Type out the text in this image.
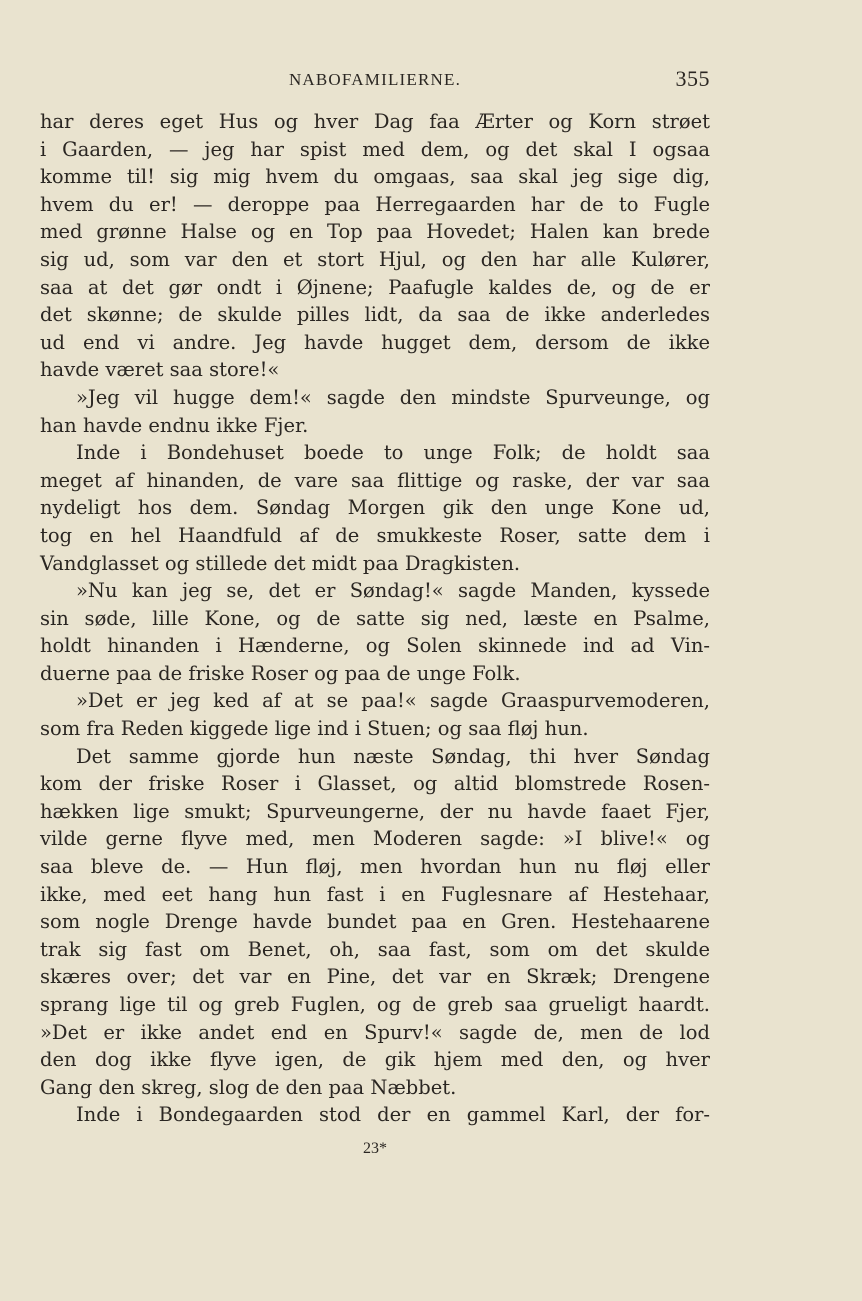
NABOFAMILIERNE.	355
har deres eget Hus og hver Dag faa Ærter og Korn strøet
i Gaarden, — jeg har spist med dem, og det skal I ogsaa
komme til! sig mig hvem du omgaas, saa skal jeg sige dig,
hvem du er! — deroppe paa Herregaarden har de to Fugle
med grønne Halse og en Top paa Hovedet; Halen kan brede
sig ud, som var den et stort Hjul, og den har alle Kulører,
saa at det gør ondt i Øjnene; Paafugle kaldes de, og de er
det skønne; de skulde pilles lidt, da saa de ikke anderledes
ud end vi andre. Jeg havde hugget dem, dersom de ikke
havde været saa store!«
»Jeg vil hugge dem!« sagde den mindste Spurveunge, og
han havde endnu ikke Fjer.
Inde i Bondehuset boede to unge Folk; de holdt saa
meget af hinanden, de vare saa flittige og raske, der var saa
nydeligt hos dem. Søndag Morgen gik den unge Kone ud,
tog en hel Haandfuld af de smukkeste Roser, satte dem i
Vandglasset og stillede det midt paa Dragkisten.
»Nu kan jeg se, det er Søndag!« sagde Manden, kyssede
sin søde, lille Kone, og de satte sig ned, læste en Psalme,
holdt hinanden i Hænderne, og Solen skinnede ind ad Vin-
duerne paa de friske Roser og paa de unge Folk.
»Det er jeg ked af at se paa!« sagde Graaspurvemoderen,
som fra Reden kiggede lige ind i Stuen; og saa fløj hun.
Det samme gjorde hun næste Søndag, thi hver Søndag
kom der friske Roser i Glasset, og altid blomstrede Rosen-
hækken lige smukt; Spurveungerne, der nu havde faaet Fjer,
vilde gerne flyve med, men Moderen sagde: »I blive!« og
saa bleve de. — Hun fløj, men hvordan hun nu fløj eller
ikke, med eet hang hun fast i en Fuglesnare af Hestehaar,
som nogle Drenge havde bundet paa en Gren. Hestehaarene
trak sig fast om Benet, oh, saa fast, som om det skulde
skæres over; det var en Pine, det var en Skræk; Drengene
sprang lige til og greb Fuglen, og de greb saa grueligt haardt.
»Det er ikke andet end en Spurv!« sagde de, men de lod
den dog ikke flyve igen, de gik hjem med den, og hver
Gang den skreg, slog de den paa Næbbet.
Inde i Bondegaarden stod der en gammel Karl, der for-
23*
